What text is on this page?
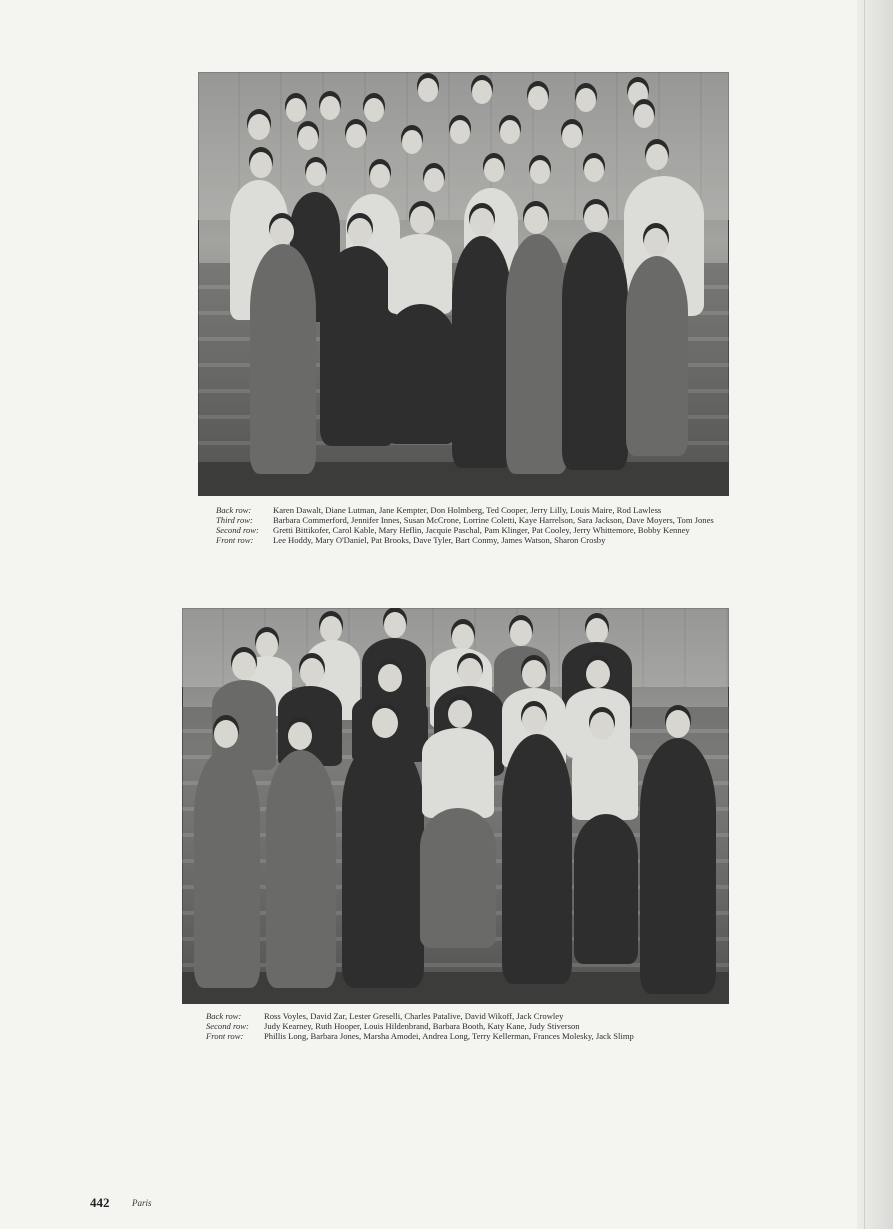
Back row:	Karen Dawalt, Diane Lutman, Jane Kempter, Don Holmberg, Ted Cooper, Jerry Lilly, Louis Maire, Rod Lawless
Third row:	Barbara Commerford, Jennifer Innes, Susan McCrone, Lorrine Coletti, Kaye Harrelson, Sara Jackson, Dave Moyers, Tom Jones
Second row:	Gretti Bittikofer, Carol Kable, Mary Heflin, Jacquie Paschal, Pam Klinger, Pat Cooley, Jerry Whittemore, Bobby Kenney
Front row:	Lee Hoddy, Mary O'Daniel, Pat Brooks, Dave Tyler, Bart Conmy, James Watson, Sharon Crosby
Back row:	Ross Voyles, David Zar, Lester Greselli, Charles Patalive, David Wikoff, Jack Crowley
Second row:	Judy Kearney, Ruth Hooper, Louis Hildenbrand, Barbara Booth, Katy Kane, Judy Stiverson
Front row:	Phillis Long, Barbara Jones, Marsha Amodei, Andrea Long, Terry Kellerman, Frances Molesky, Jack Slimp
442	Paris
